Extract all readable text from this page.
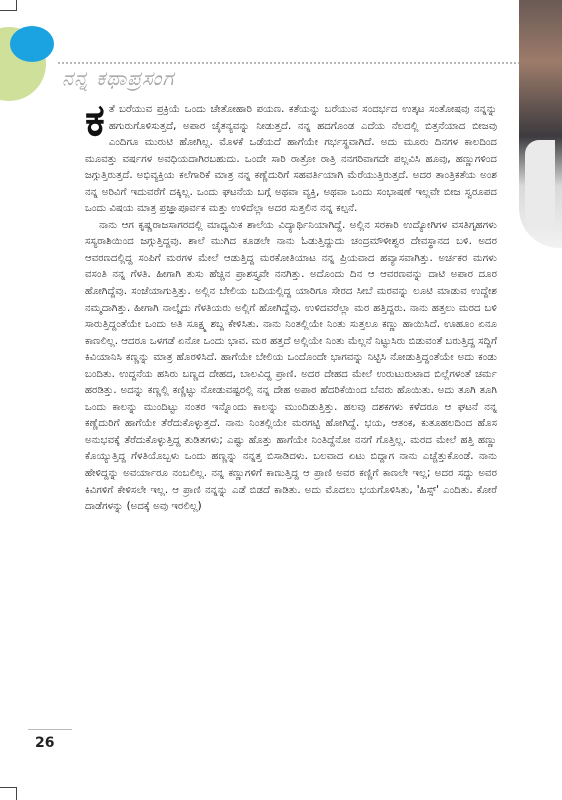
ನನ್ನ ಕಥಾಪ್ರಸಂಗ

ಕತೆ ಬರೆಯುವ ಪ್ರಕ್ರಿಯೆ ಒಂದು ಚೇತೋಹಾರಿ ಪಯಣ. ಕತೆಯನ್ನು ಬರೆಯುವ ಸಂದರ್ಭದ ಉತ್ಕಟ ಸಂತೋಷವು ನನ್ನನ್ನು ಹಗುರುಗೊಳಿಸುತ್ತದೆ, ಅಪಾರ ಚೈತನ್ಯವನ್ನು ನೀಡುತ್ತದೆ. ನನ್ನ ಹದಗೊಂಡ ಎದೆಯ ನೆಲದಲ್ಲಿ ಬಿತ್ತನೆಯಾದ ಬೀಜವು ಎಂದಿಗೂ ಮುರುಟಿ ಹೋಗಿಲ್ಲ. ಮೊಳಕೆ ಒಡೆಯದೆ ಹಾಗೆಯೇ ಗರ್ಭಸ್ಥವಾಗಿದೆ. ಅದು ಮೂರು ದಿನಗಳ ಕಾಲದಿಂದ ಮೂವತ್ತು ವರ್ಷಗಳ ಅವಧಿಯದಾಗಿರಬಹುದು. ಒಂದೇ ಸಾರಿ ರಾತ್ರೋ ರಾತ್ರಿ ನನಗರಿವಾಗದೇ ಪಲ್ಲವಿಸಿ ಹೂವು, ಹಣ್ಣುಗಳಿಂದ ಜಗ್ಗುತ್ತಿರುತ್ತದೆ. ಅಭಿವ್ಯಕ್ತಿಯ ಕಲೆಗಾರಿಕೆ ಮಾತ್ರ ನನ್ನ ಕಣ್ಣೆದುರಿಗೆ ಸಹವರ್ತಿಯಾಗಿ ಮೆರೆಯುತ್ತಿರುತ್ತದೆ. ಅದರ ತಾಂತ್ರಿಕತೆಯ ಅಂಶ ನನ್ನ ಅರಿವಿಗೆ ಇದುವರೆಗೆ ದಕ್ಕಿಲ್ಲ. ಒಂದು ಘಟನೆಯ ಬಗ್ಗೆ ಅಥವಾ ವ್ಯಕ್ತಿ, ಅಥವಾ ಒಂದು ಸಂಭಾಷಣೆ ಇಲ್ಲವೇ ಬೀಜ ಸ್ವರೂಪದ ಒಂದು ವಿಷಯ ಮಾತ್ರ ಪ್ರಜ್ಞಾಪೂರ್ವಕ ಮತ್ತು ಉಳಿದೆಲ್ಲಾ ಅದರ ಸುತ್ತಲಿನ ನನ್ನ ಕಲ್ಪನೆ.

ನಾನು ಆಗ ಕೃಷ್ಣರಾಜಸಾಗರದಲ್ಲಿ ಮಾಧ್ಯಮಿಕ ಶಾಲೆಯ ವಿದ್ಯಾರ್ಥಿನಿಯಾಗಿದ್ದೆ. ಅಲ್ಲಿನ ಸರಕಾರಿ ಉದ್ಯೋಗಿಗಳ ವಸತಿಗೃಹಗಳು ಸಸ್ಯರಾಶಿಯಿಂದ ಜಗ್ಗುತ್ತಿದ್ದವು. ಶಾಲೆ ಮುಗಿದ ಕೂಡಲೇ ನಾನು ಓಡುತ್ತಿದ್ದುದು ಚಂದ್ರಮೌಳೀಶ್ವರ ದೇವಸ್ಥಾನದ ಬಳಿ. ಅದರ ಆವರಣದಲ್ಲಿದ್ದ ಸಂಪಿಗೆ ಮರಗಳ ಮೇಲೆ ಆಡುತ್ತಿದ್ದ ಮರಕೋತಿಯಾಟ ನನ್ನ ಪ್ರಿಯವಾದ ಹವ್ಯಾಸವಾಗಿತ್ತು. ಅರ್ಚಕರ ಮಗಳು ವಸಂತಿ ನನ್ನ ಗೆಳತಿ. ಹೀಗಾಗಿ ತುಸು ಹೆಚ್ಚಿನ ಪ್ರಾಶಸ್ತ್ಯವೇ ನನಗಿತ್ತು. ಅದೊಂದು ದಿನ ಆ ಆವರಣವನ್ನು ದಾಟಿ ಅಪಾರ ದೂರ ಹೋಗಿದ್ದೆವು. ಸಂಜೆಯಾಗುತ್ತಿತ್ತು. ಅಲ್ಲಿನ ಬೇಲಿಯ ಬದಿಯಲ್ಲಿದ್ದ ಯಾರಿಗೂ ಸೇರದ ಸೀಬೆ ಮರವನ್ನು ಲೂಟಿ ಮಾಡುವ ಉದ್ದೇಶ ನಮ್ಮದಾಗಿತ್ತು. ಹೀಗಾಗಿ ನಾಲ್ಕೈದು ಗೆಳತಿಯರು ಅಲ್ಲಿಗೆ ಹೋಗಿದ್ದೆವು. ಉಳಿದವರೆಲ್ಲಾ ಮರ ಹತ್ತಿದ್ದರು. ನಾನು ಹತ್ತಲು ಮರದ ಬಳಿ ಸಾರುತ್ತಿದ್ದಂತೆಯೇ ಒಂದು ಅತಿ ಸೂಕ್ಷ್ಮ ಶಬ್ದ ಕೇಳಿಸಿತು. ನಾನು ನಿಂತಲ್ಲಿಯೇ ನಿಂತು ಸುತ್ತಲೂ ಕಣ್ಣು ಹಾಯಿಸಿದೆ. ಊಹೂಂ ಏನೂ ಕಾಣಲಿಲ್ಲ. ಆದರೂ ಒಳಗಡೆ ಏನೋ ಒಂದು ಭಾವ. ಮರ ಹತ್ತದೆ ಅಲ್ಲಿಯೇ ನಿಂತು ಮೆಲ್ಲನೆ ನಿಟ್ಟುಸಿರು ಬಿಡುವಂತೆ ಬರುತ್ತಿದ್ದ ಸದ್ದಿಗೆ ಕಿವಿಯಾನಿಸಿ ಕಣ್ಣನ್ನು ಮಾತ್ರ ಹೊರಳಿಸಿದೆ. ಹಾಗೆಯೇ ಬೇಲಿಯ ಒಂದೊಂದೇ ಭಾಗವನ್ನು ನಿಟ್ಟಿಸಿ ನೋಡುತ್ತಿದ್ದಂತೆಯೇ ಅದು ಕಂಡು ಬಂದಿತು. ಉದ್ದನೆಯ ಹಸಿರು ಬಣ್ಣದ ದೇಹದ, ಬಾಲವಿದ್ದ ಪ್ರಾಣಿ. ಅದರ ದೇಹದ ಮೇಲೆ ಉರುಟುರುಟಾದ ಬಿಲ್ಲೆಗಳಂತೆ ಚರ್ಮ ಹರಡಿತ್ತು. ಅದನ್ನು ಕಣ್ಣಲ್ಲಿ ಕಣ್ಣಿಟ್ಟು ನೋಡುವಷ್ಟರಲ್ಲಿ ನನ್ನ ದೇಹ ಅಪಾರ ಹೆದರಿಕೆಯಿಂದ ಬೆವರು ಹೊಯಿತು. ಅದು ತೂಗಿ ತೂಗಿ ಒಂದು ಕಾಲನ್ನು ಮುಂದಿಟ್ಟು ನಂತರ ಇನ್ನೊಂದು ಕಾಲನ್ನು ಮುಂದಿಡುತ್ತಿತ್ತು. ಹಲವು ದಶಕಗಳು ಕಳೆದರೂ ಆ ಘಟನೆ ನನ್ನ ಕಣ್ಣೆದುರಿಗೆ ಹಾಗೆಯೇ ತೆರೆದುಕೊಳ್ಳುತ್ತದೆ. ನಾನು ನಿಂತಲ್ಲಿಯೇ ಮರಗಟ್ಟಿ ಹೋಗಿದ್ದೆ. ಭಯ, ಆತಂಕ, ಕುತೂಹಲದಿಂದ ಹೊಸ ಅನುಭವಕ್ಕೆ ತೆರೆದುಕೊಳ್ಳುತ್ತಿದ್ದ ತುಡಿತಗಳು; ಎಷ್ಟು ಹೊತ್ತು ಹಾಗೆಯೇ ನಿಂತಿದ್ದೆನೋ ನನಗೆ ಗೊತ್ತಿಲ್ಲ. ಮರದ ಮೇಲೆ ಹತ್ತಿ ಹಣ್ಣು ಕೊಯ್ಯುತ್ತಿದ್ದ ಗೆಳತಿಯೊಬ್ಬಳು ಒಂದು ಹಣ್ಣನ್ನು ನನ್ನತ್ತ ಬಿಸಾಡಿದಳು. ಬಲವಾದ ಏಟು ಬಿದ್ದಾಗ ನಾನು ಎಚ್ಚೆತ್ತುಕೊಂಡೆ. ನಾನು ಹೇಳಿದ್ದನ್ನು ಅವರ್ಯಾರೂ ನಂಬಲಿಲ್ಲ. ನನ್ನ ಕಣ್ಣುಗಳಿಗೆ ಕಾಣುತ್ತಿದ್ದ ಆ ಪ್ರಾಣಿ ಅವರ ಕಣ್ಣಿಗೆ ಕಾಣಲೇ ಇಲ್ಲ; ಅದರ ಸದ್ದು ಅವರ ಕಿವಿಗಳಿಗೆ ಕೇಳಿಸಲೇ ಇಲ್ಲ. ಆ ಪ್ರಾಣಿ ನನ್ನನ್ನು ಎಡೆ ಬಿಡದೆ ಕಾಡಿತು. ಅದು ಮೊದಲು ಭಯಗೊಳಿಸಿತು, 'ಹಿಸ್ಸ್' ಎಂದಿತು. ಕೋರೆ ದಾಡೆಗಳನ್ನು (ಅದಕ್ಕೆ ಅವು ಇರಲಿಲ್ಲ)

26
